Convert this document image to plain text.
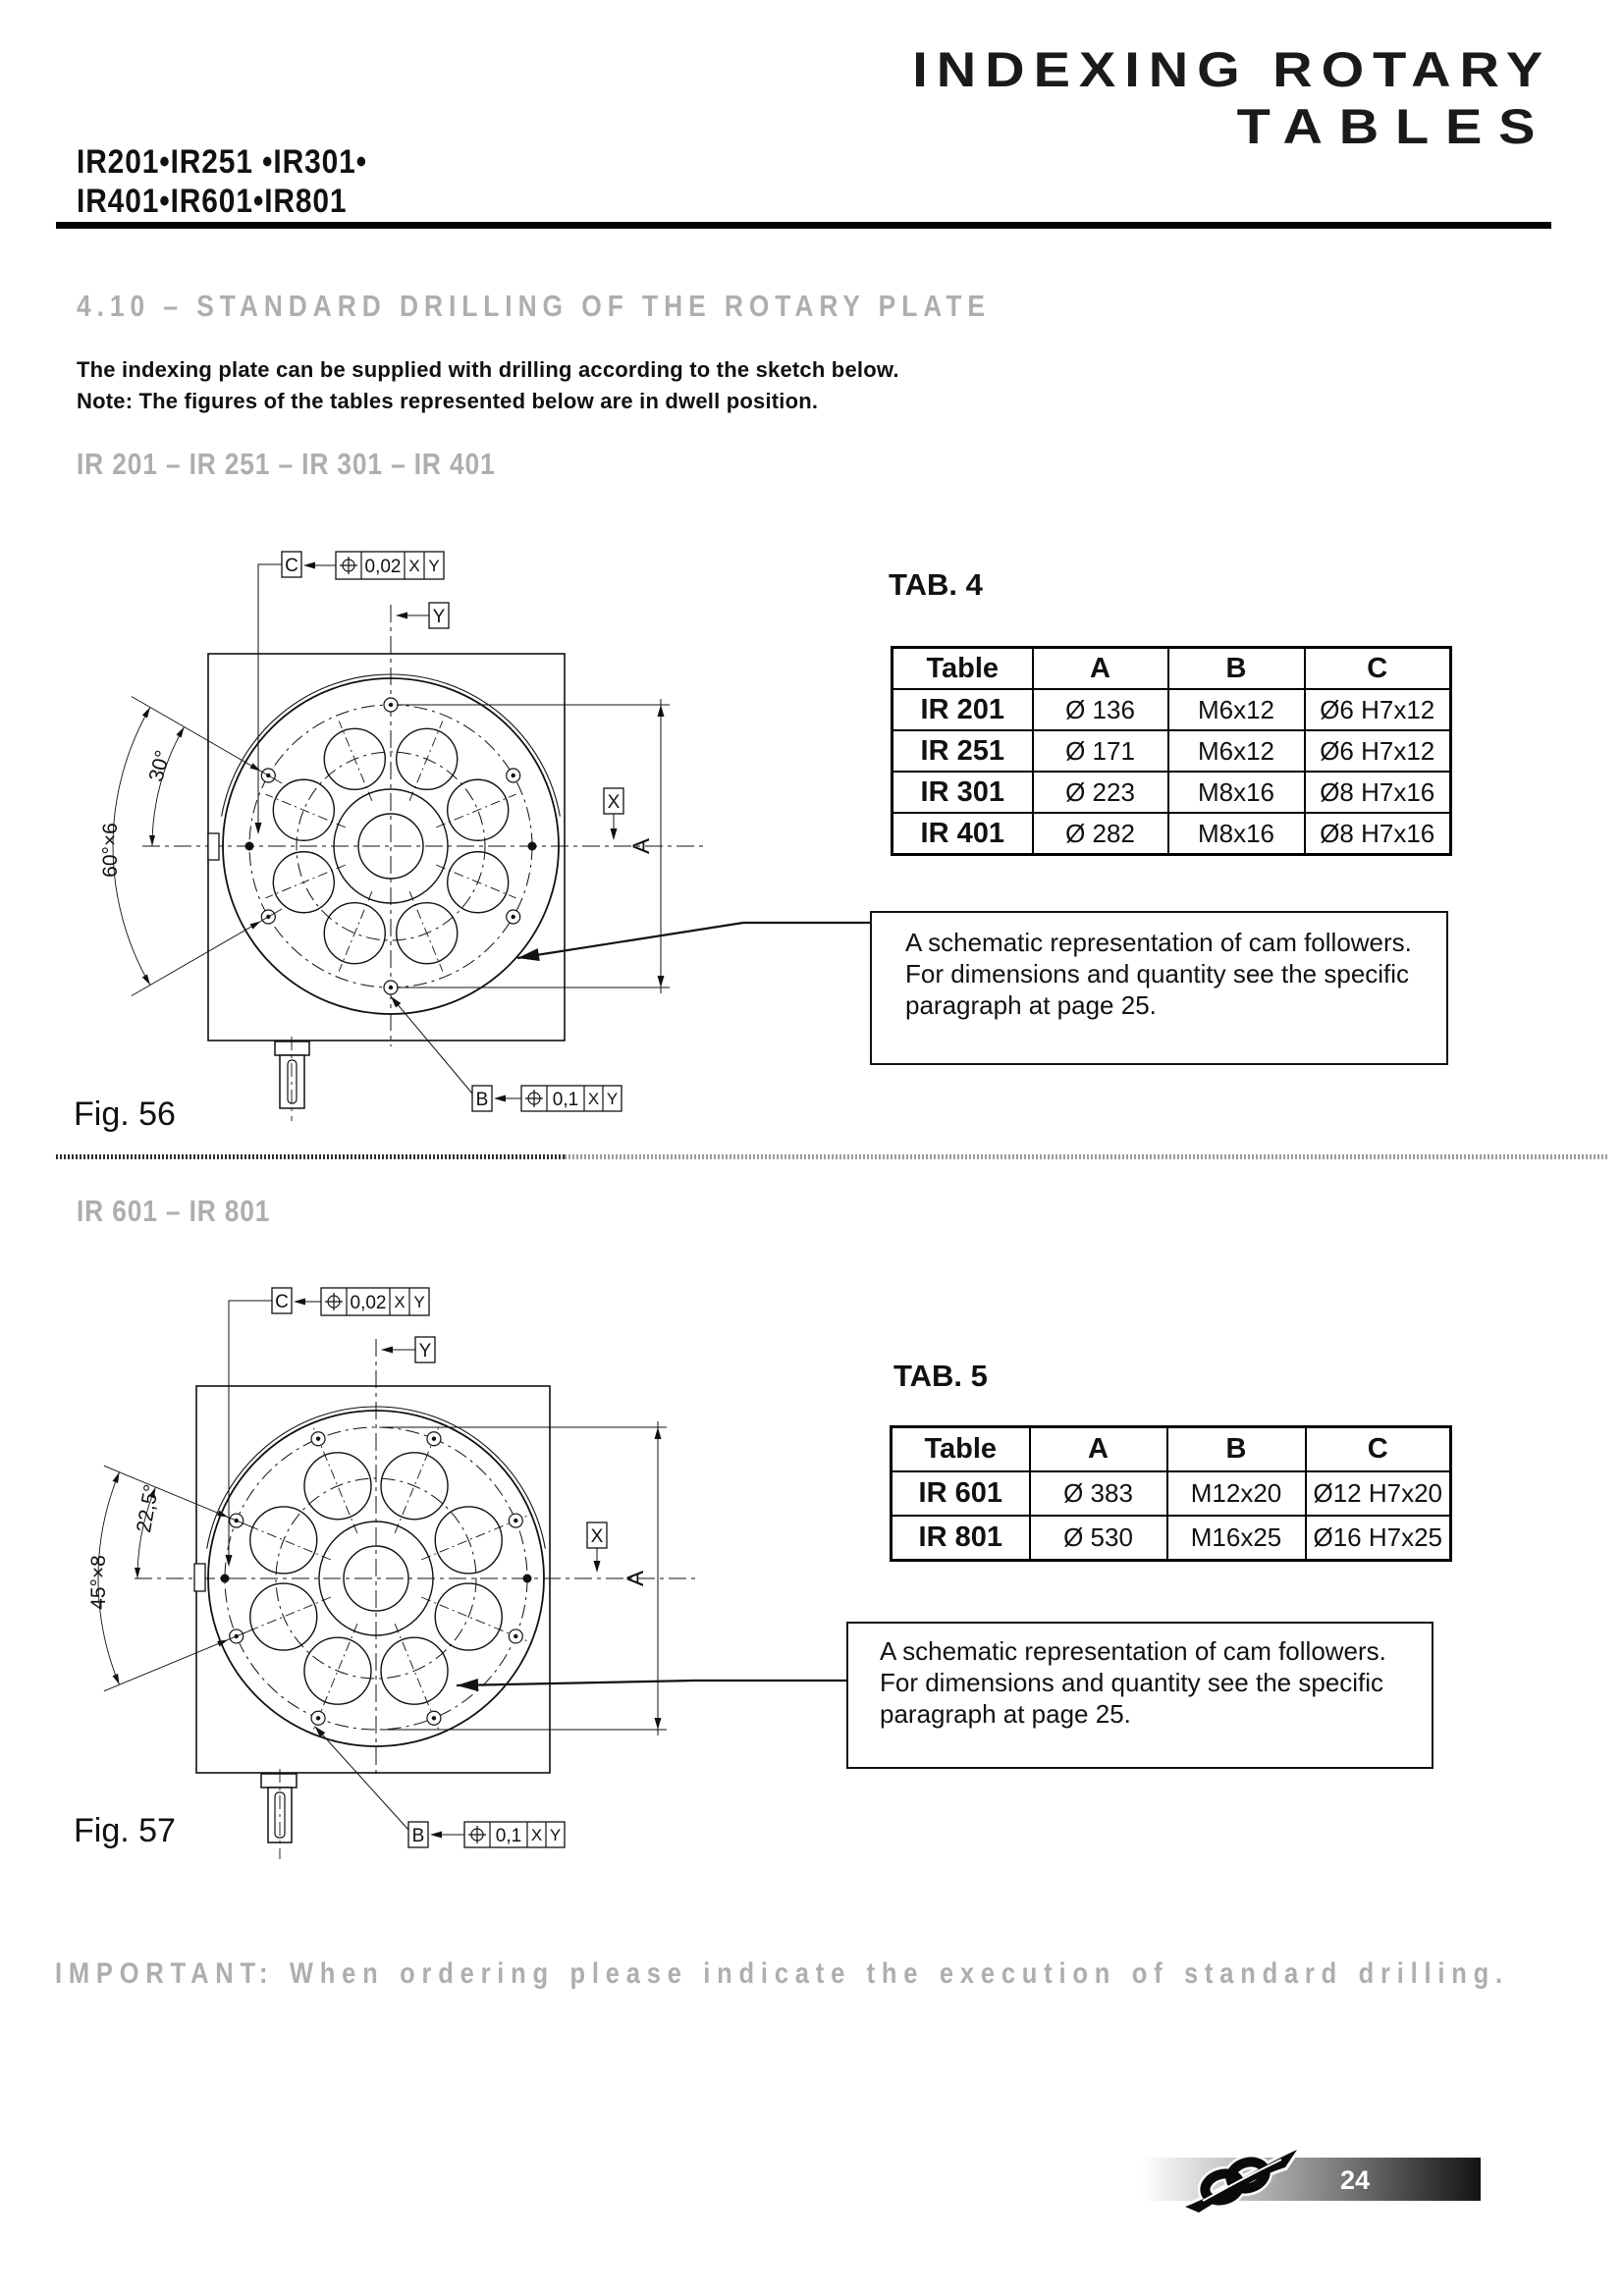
IR201•IR251 •IR301•
IR401•IR601•IR801
INDEXING ROTARY
TABLES
4.10 – STANDARD DRILLING OF THE ROTARY PLATE
The indexing plate can be supplied with drilling according to the sketch below.
Note: The figures of the tables represented below are in dwell position.
IR 201 – IR 251 – IR 301 – IR 401
C	0,02 X Y
Y
X
B	0,1 X Y
A
30°
60°×6
TAB. 4
Table	A	B	C
IR 201	Ø 136	M6x12	Ø6 H7x12
IR 251	Ø 171	M6x12	Ø6 H7x12
IR 301	Ø 223	M8x16	Ø8 H7x16
IR 401	Ø 282	M8x16	Ø8 H7x16
A schematic representation of cam followers.
For dimensions and quantity see the specific
paragraph at page 25.
Fig. 56
IR 601 – IR 801
C	0,02 X Y
Y
X
B	0,1 X Y
A
22,5°
45°×8
TAB. 5
Table	A	B	C
IR 601	Ø 383	M12x20	Ø12 H7x20
IR 801	Ø 530	M16x25	Ø16 H7x25
A schematic representation of cam followers.
For dimensions and quantity see the specific
paragraph at page 25.
Fig. 57
IMPORTANT: When ordering please indicate the execution of standard drilling.
24
